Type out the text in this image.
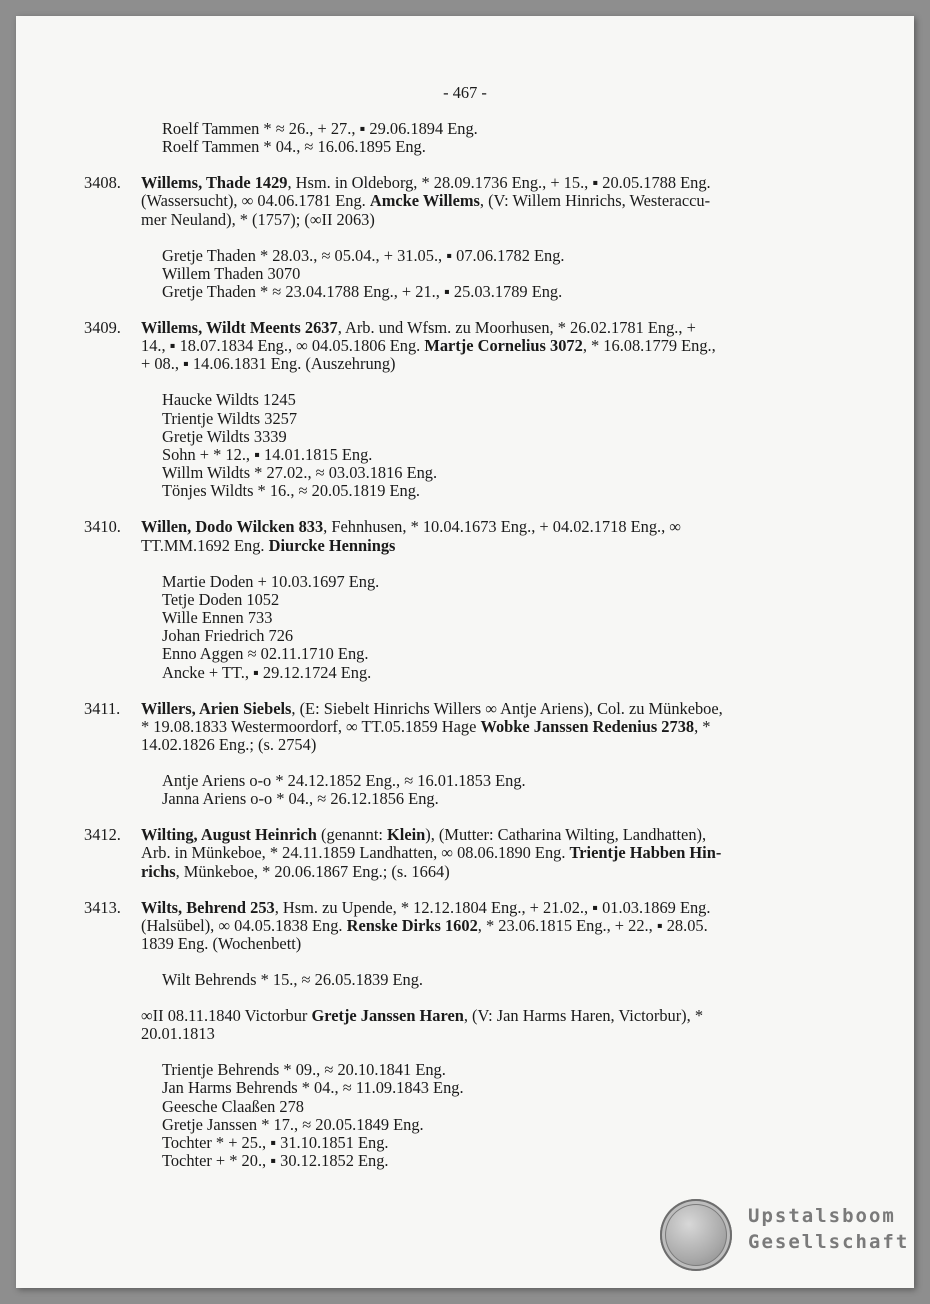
- 467 -
Roelf Tammen * ≈ 26., + 27., ▪ 29.06.1894 Eng.
Roelf Tammen * 04., ≈ 16.06.1895 Eng.
3408. Willems, Thade 1429, Hsm. in Oldeborg, * 28.09.1736 Eng., + 15., ▪ 20.05.1788 Eng.
(Wassersucht), ∞ 04.06.1781 Eng. Amcke Willems, (V: Willem Hinrichs, Westeraccu-
mer Neuland), * (1757); (∞II 2063)
Gretje Thaden * 28.03., ≈ 05.04., + 31.05., ▪ 07.06.1782 Eng.
Willem Thaden 3070
Gretje Thaden * ≈ 23.04.1788 Eng., + 21., ▪ 25.03.1789 Eng.
3409. Willems, Wildt Meents 2637, Arb. und Wfsm. zu Moorhusen, * 26.02.1781 Eng., +
14., ▪ 18.07.1834 Eng., ∞ 04.05.1806 Eng. Martje Cornelius 3072, * 16.08.1779 Eng.,
+ 08., ▪ 14.06.1831 Eng. (Auszehrung)
Haucke Wildts 1245
Trientje Wildts 3257
Gretje Wildts 3339
Sohn + * 12., ▪ 14.01.1815 Eng.
Willm Wildts * 27.02., ≈ 03.03.1816 Eng.
Tönjes Wildts * 16., ≈ 20.05.1819 Eng.
3410. Willen, Dodo Wilcken 833, Fehnhusen, * 10.04.1673 Eng., + 04.02.1718 Eng., ∞
TT.MM.1692 Eng. Diurcke Hennings
Martie Doden + 10.03.1697 Eng.
Tetje Doden 1052
Wille Ennen 733
Johan Friedrich 726
Enno Aggen ≈ 02.11.1710 Eng.
Ancke + TT., ▪ 29.12.1724 Eng.
3411. Willers, Arien Siebels, (E: Siebelt Hinrichs Willers ∞ Antje Ariens), Col. zu Münkeboe,
* 19.08.1833 Westermoordorf, ∞ TT.05.1859 Hage Wobke Janssen Redenius 2738, *
14.02.1826 Eng.; (s. 2754)
Antje Ariens o-o * 24.12.1852 Eng., ≈ 16.01.1853 Eng.
Janna Ariens o-o * 04., ≈ 26.12.1856 Eng.
3412. Wilting, August Heinrich (genannt: Klein), (Mutter: Catharina Wilting, Landhatten),
Arb. in Münkeboe, * 24.11.1859 Landhatten, ∞ 08.06.1890 Eng. Trientje Habben Hin-
richs, Münkeboe, * 20.06.1867 Eng.; (s. 1664)
3413. Wilts, Behrend 253, Hsm. zu Upende, * 12.12.1804 Eng., + 21.02., ▪ 01.03.1869 Eng.
(Halsübel), ∞ 04.05.1838 Eng. Renske Dirks 1602, * 23.06.1815 Eng., + 22., ▪ 28.05.
1839 Eng. (Wochenbett)
Wilt Behrends * 15., ≈ 26.05.1839 Eng.
∞II 08.11.1840 Victorbur Gretje Janssen Haren, (V: Jan Harms Haren, Victorbur), *
20.01.1813
Trientje Behrends * 09., ≈ 20.10.1841 Eng.
Jan Harms Behrends * 04., ≈ 11.09.1843 Eng.
Geesche Claaßen 278
Gretje Janssen * 17., ≈ 20.05.1849 Eng.
Tochter * + 25., ▪ 31.10.1851 Eng.
Tochter + * 20., ▪ 30.12.1852 Eng.
Upstalsboom
Gesellschaft
